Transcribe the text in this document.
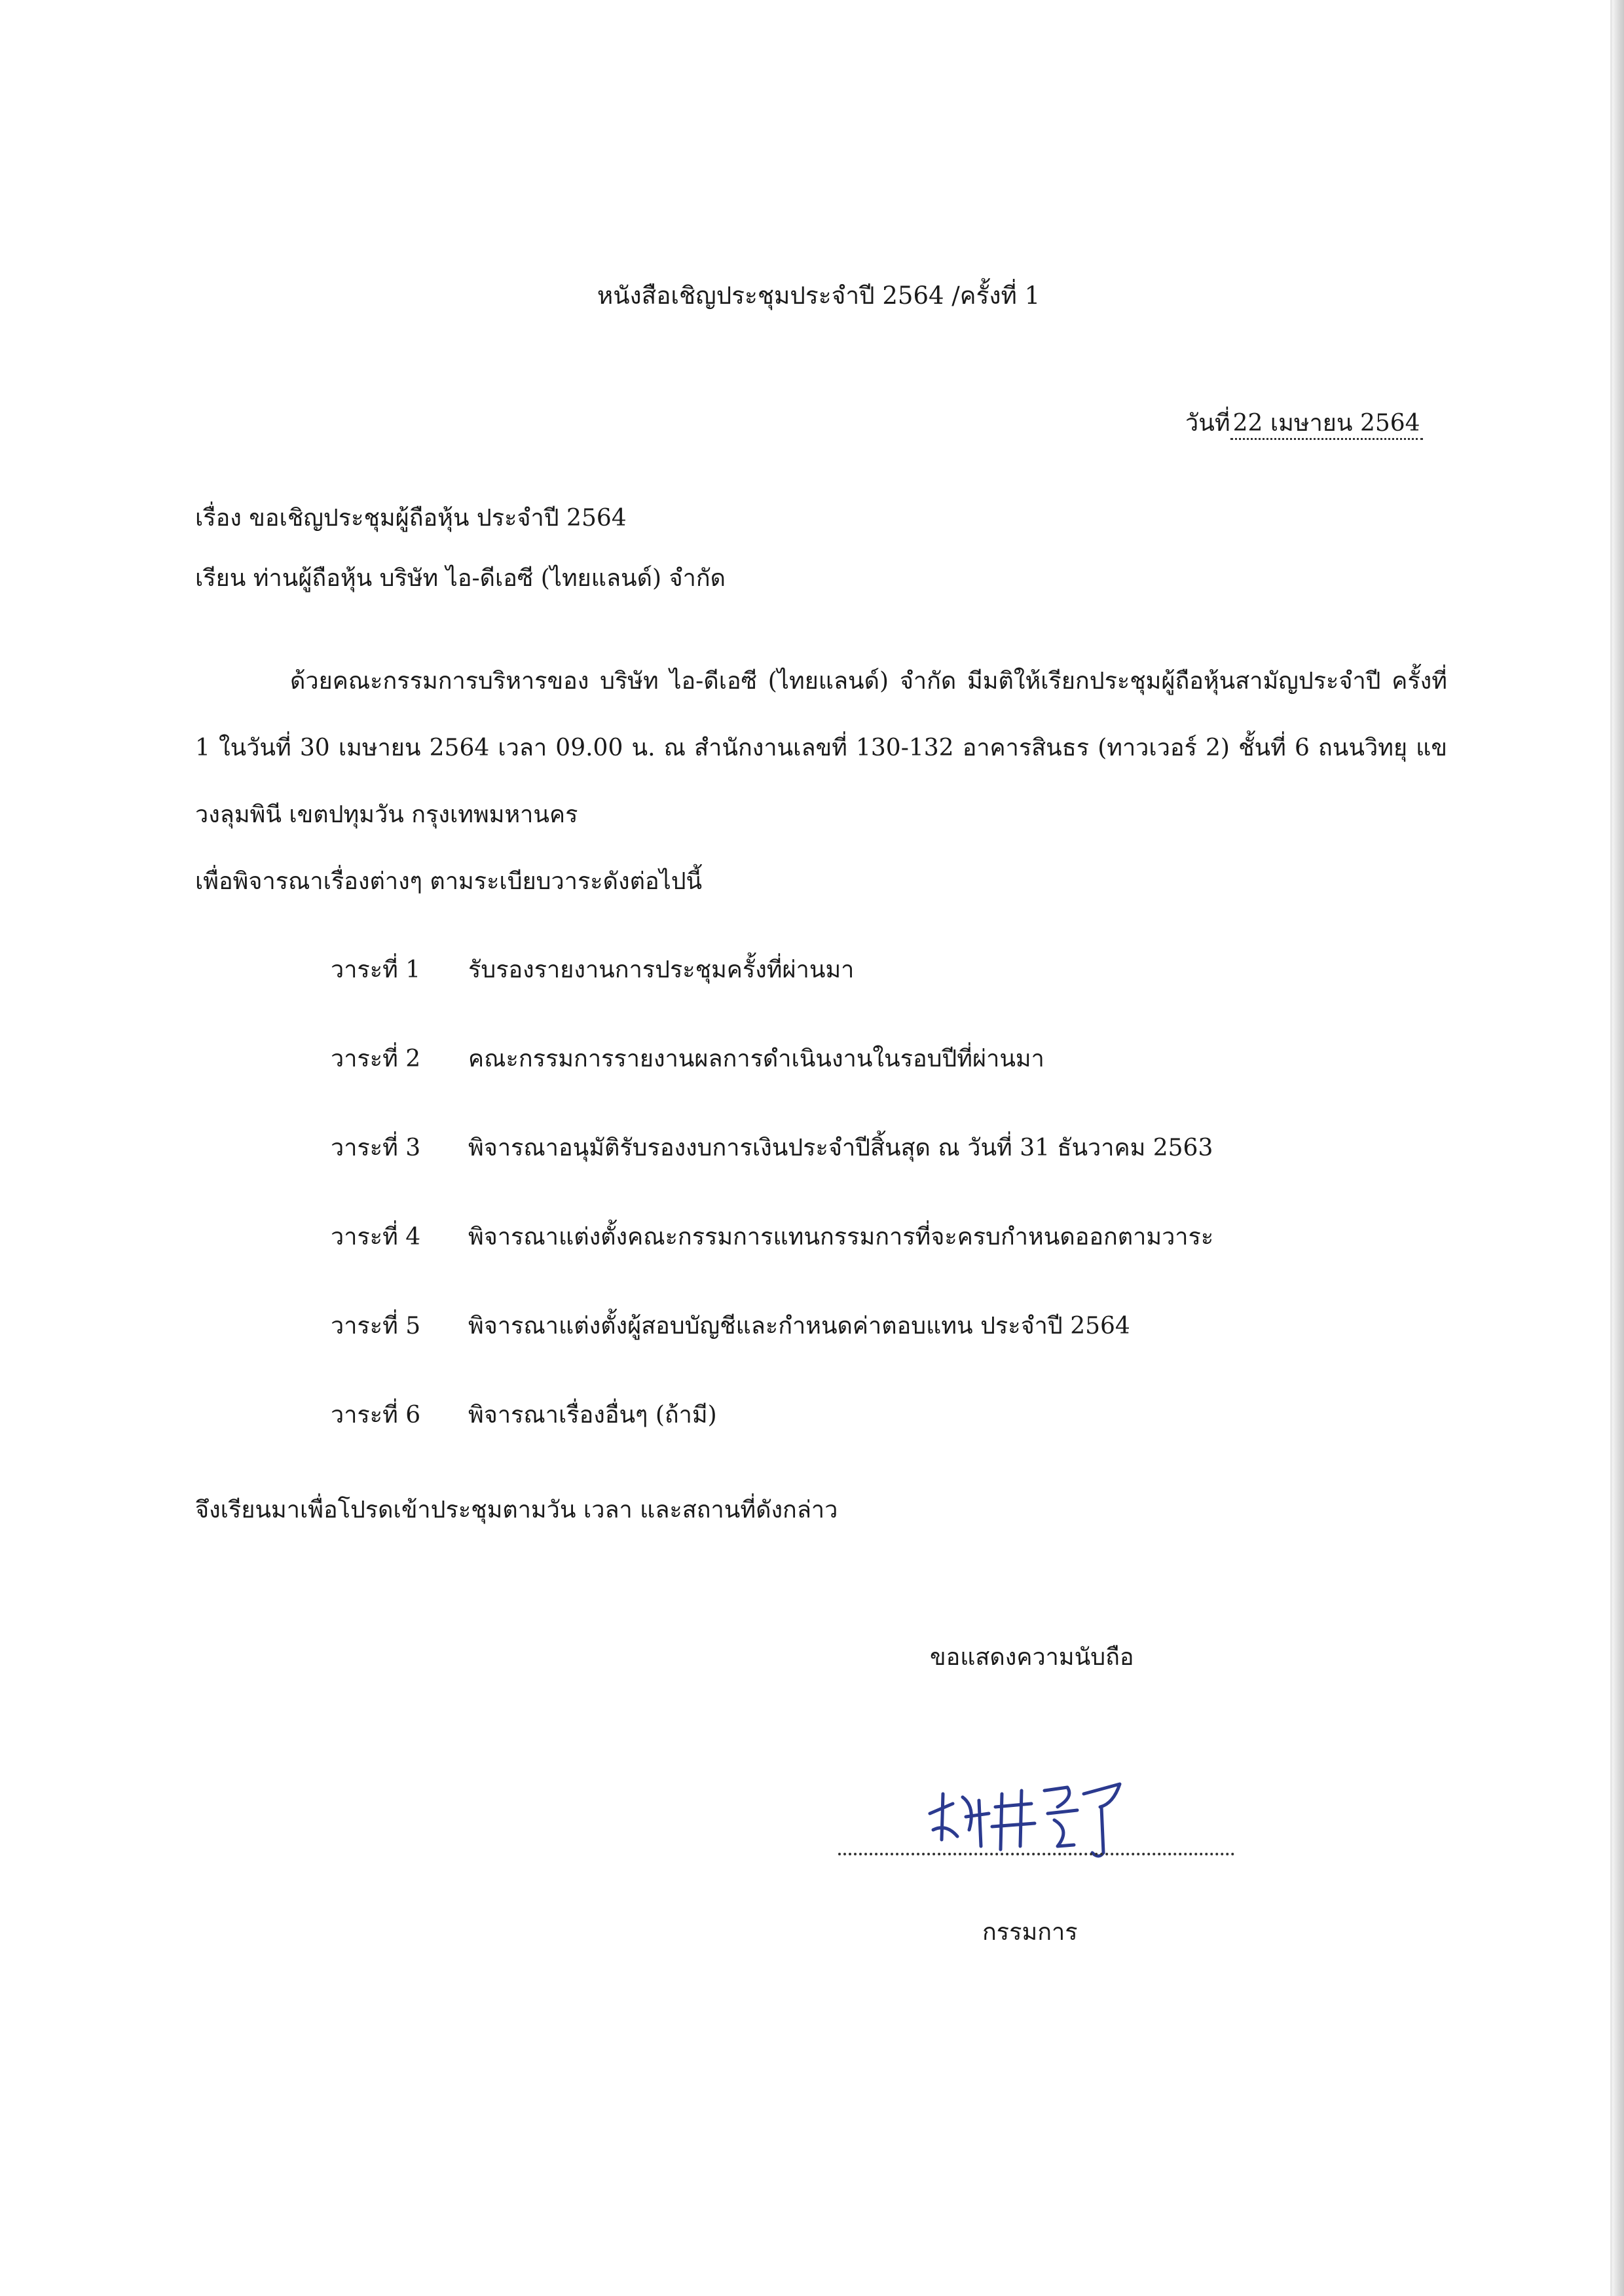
หนังสือเชิญประชุมประจำปี 2564 /ครั้งที่ 1
วันที่ 22 เมษายน 2564
เรื่อง ขอเชิญประชุมผู้ถือหุ้น ประจำปี 2564
เรียน ท่านผู้ถือหุ้น บริษัท ไอ-ดีเอซี (ไทยแลนด์) จำกัด
ด้วยคณะกรรมการบริหารของ บริษัท ไอ-ดีเอซี (ไทยแลนด์) จำกัด มีมติให้เรียกประชุมผู้ถือหุ้นสามัญประจำปี ครั้งที่ 1 ในวันที่ 30 เมษายน 2564 เวลา 09.00 น. ณ สำนักงานเลขที่ 130-132 อาคารสินธร (ทาวเวอร์ 2) ชั้นที่ 6 ถนนวิทยุ แขวงลุมพินี เขตปทุมวัน กรุงเทพมหานคร
เพื่อพิจารณาเรื่องต่างๆ ตามระเบียบวาระดังต่อไปนี้
วาระที่ 1	รับรองรายงานการประชุมครั้งที่ผ่านมา
วาระที่ 2	คณะกรรมการรายงานผลการดำเนินงานในรอบปีที่ผ่านมา
วาระที่ 3	พิจารณาอนุมัติรับรองงบการเงินประจำปีสิ้นสุด ณ วันที่ 31 ธันวาคม 2563
วาระที่ 4	พิจารณาแต่งตั้งคณะกรรมการแทนกรรมการที่จะครบกำหนดออกตามวาระ
วาระที่ 5	พิจารณาแต่งตั้งผู้สอบบัญชีและกำหนดค่าตอบแทน ประจำปี 2564
วาระที่ 6	พิจารณาเรื่องอื่นๆ (ถ้ามี)
จึงเรียนมาเพื่อโปรดเข้าประชุมตามวัน เวลา และสถานที่ดังกล่าว
ขอแสดงความนับถือ
กรรมการ
